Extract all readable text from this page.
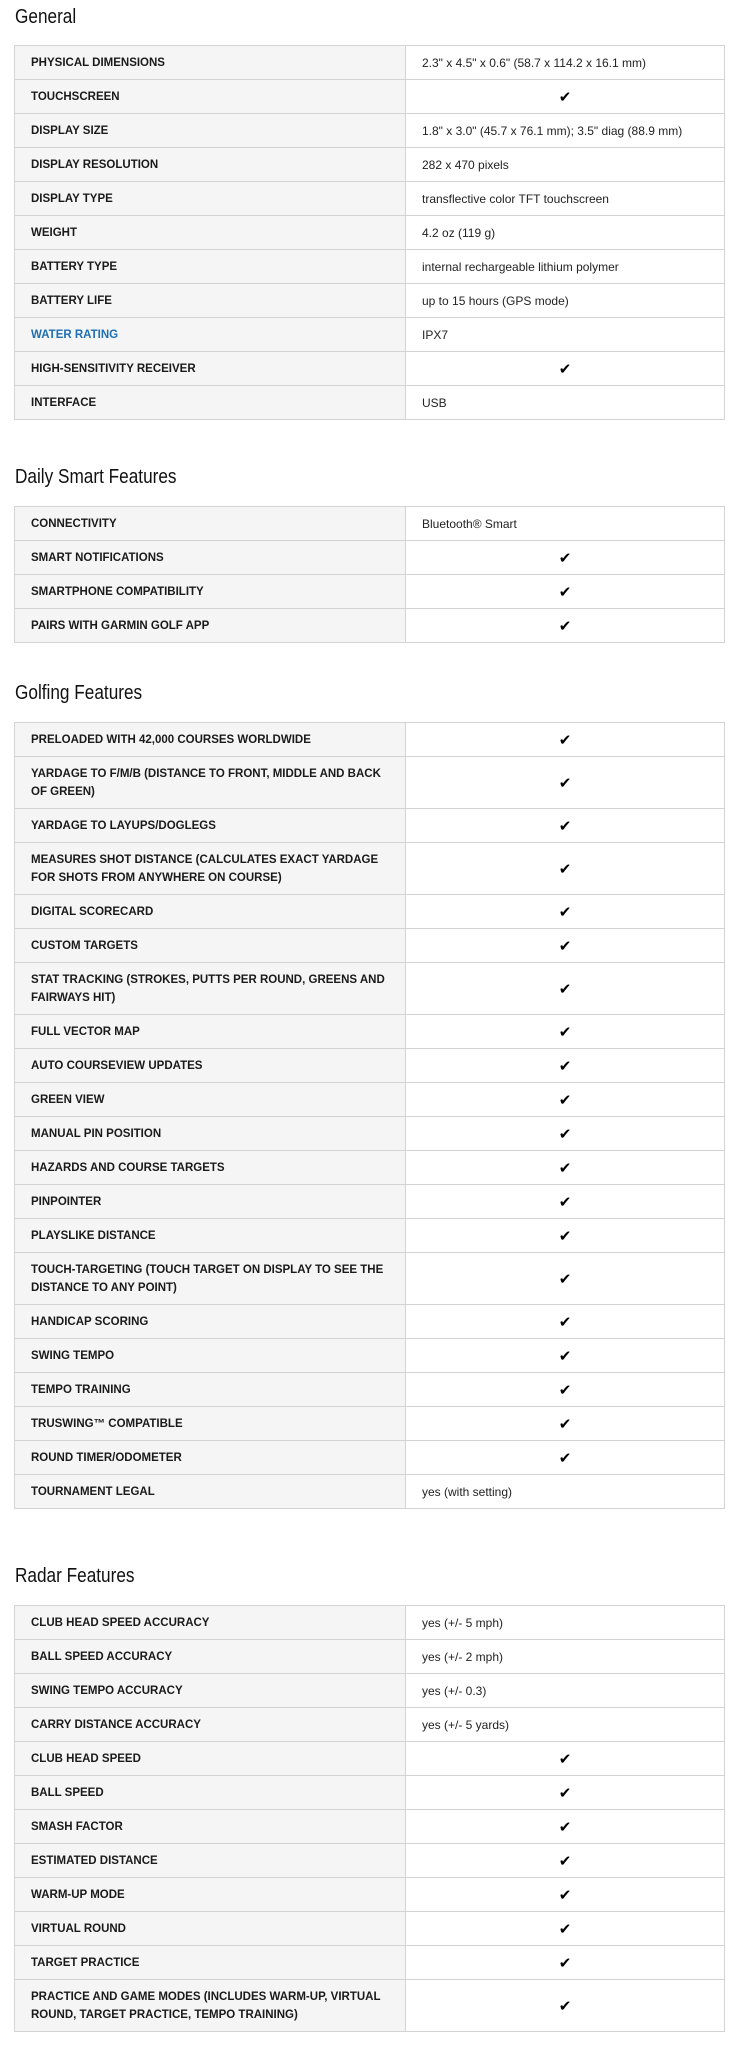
General
PHYSICAL DIMENSIONS	2.3" x 4.5" x 0.6" (58.7 x 114.2 x 16.1 mm)
TOUCHSCREEN	✔
DISPLAY SIZE	1.8" x 3.0" (45.7 x 76.1 mm); 3.5" diag (88.9 mm)
DISPLAY RESOLUTION	282 x 470 pixels
DISPLAY TYPE	transflective color TFT touchscreen
WEIGHT	4.2 oz (119 g)
BATTERY TYPE	internal rechargeable lithium polymer
BATTERY LIFE	up to 15 hours (GPS mode)
WATER RATING	IPX7
HIGH-SENSITIVITY RECEIVER	✔
INTERFACE	USB
Daily Smart Features
CONNECTIVITY	Bluetooth® Smart
SMART NOTIFICATIONS	✔
SMARTPHONE COMPATIBILITY	✔
PAIRS WITH GARMIN GOLF APP	✔
Golfing Features
PRELOADED WITH 42,000 COURSES WORLDWIDE	✔
YARDAGE TO F/M/B (DISTANCE TO FRONT, MIDDLE AND BACK OF GREEN)	✔
YARDAGE TO LAYUPS/DOGLEGS	✔
MEASURES SHOT DISTANCE (CALCULATES EXACT YARDAGE FOR SHOTS FROM ANYWHERE ON COURSE)	✔
DIGITAL SCORECARD	✔
CUSTOM TARGETS	✔
STAT TRACKING (STROKES, PUTTS PER ROUND, GREENS AND FAIRWAYS HIT)	✔
FULL VECTOR MAP	✔
AUTO COURSEVIEW UPDATES	✔
GREEN VIEW	✔
MANUAL PIN POSITION	✔
HAZARDS AND COURSE TARGETS	✔
PINPOINTER	✔
PLAYSLIKE DISTANCE	✔
TOUCH-TARGETING (TOUCH TARGET ON DISPLAY TO SEE THE DISTANCE TO ANY POINT)	✔
HANDICAP SCORING	✔
SWING TEMPO	✔
TEMPO TRAINING	✔
TRUSWING™ COMPATIBLE	✔
ROUND TIMER/ODOMETER	✔
TOURNAMENT LEGAL	yes (with setting)
Radar Features
CLUB HEAD SPEED ACCURACY	yes (+/- 5 mph)
BALL SPEED ACCURACY	yes (+/- 2 mph)
SWING TEMPO ACCURACY	yes (+/- 0.3)
CARRY DISTANCE ACCURACY	yes (+/- 5 yards)
CLUB HEAD SPEED	✔
BALL SPEED	✔
SMASH FACTOR	✔
ESTIMATED DISTANCE	✔
WARM-UP MODE	✔
VIRTUAL ROUND	✔
TARGET PRACTICE	✔
PRACTICE AND GAME MODES (INCLUDES WARM-UP, VIRTUAL ROUND, TARGET PRACTICE, TEMPO TRAINING)	✔
